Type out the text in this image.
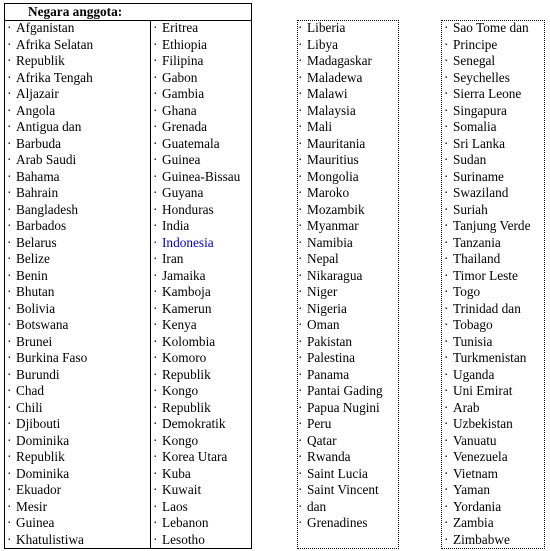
Negara anggota:

· Afganistan
· Afrika Selatan
· Republik
· Afrika Tengah
· Aljazair
· Angola
· Antigua dan
· Barbuda
· Arab Saudi
· Bahama
· Bahrain
· Bangladesh
· Barbados
· Belarus
· Belize
· Benin
· Bhutan
· Bolivia
· Botswana
· Brunei
· Burkina Faso
· Burundi
· Chad
· Chili
· Djibouti
· Dominika
· Republik
· Dominika
· Ekuador
· Mesir
· Guinea
· Khatulistiwa
· Eritrea
· Ethiopia
· Filipina
· Gabon
· Gambia
· Ghana
· Grenada
· Guatemala
· Guinea
· Guinea-Bissau
· Guyana
· Honduras
· India
· Indonesia
· Iran
· Jamaika
· Kamboja
· Kamerun
· Kenya
· Kolombia
· Komoro
· Republik
· Kongo
· Republik
· Demokratik
· Kongo
· Korea Utara
· Kuba
· Kuwait
· Laos
· Lebanon
· Lesotho
· Liberia
· Libya
· Madagaskar
· Maladewa
· Malawi
· Malaysia
· Mali
· Mauritania
· Mauritius
· Mongolia
· Maroko
· Mozambik
· Myanmar
· Namibia
· Nepal
· Nikaragua
· Niger
· Nigeria
· Oman
· Pakistan
· Palestina
· Panama
· Pantai Gading
· Papua Nugini
· Peru
· Qatar
· Rwanda
· Saint Lucia
· Saint Vincent
· dan
· Grenadines
· Sao Tome dan
· Principe
· Senegal
· Seychelles
· Sierra Leone
· Singapura
· Somalia
· Sri Lanka
· Sudan
· Suriname
· Swaziland
· Suriah
· Tanjung Verde
· Tanzania
· Thailand
· Timor Leste
· Togo
· Trinidad dan
· Tobago
· Tunisia
· Turkmenistan
· Uganda
· Uni Emirat
· Arab
· Uzbekistan
· Vanuatu
· Venezuela
· Vietnam
· Yaman
· Yordania
· Zambia
· Zimbabwe
